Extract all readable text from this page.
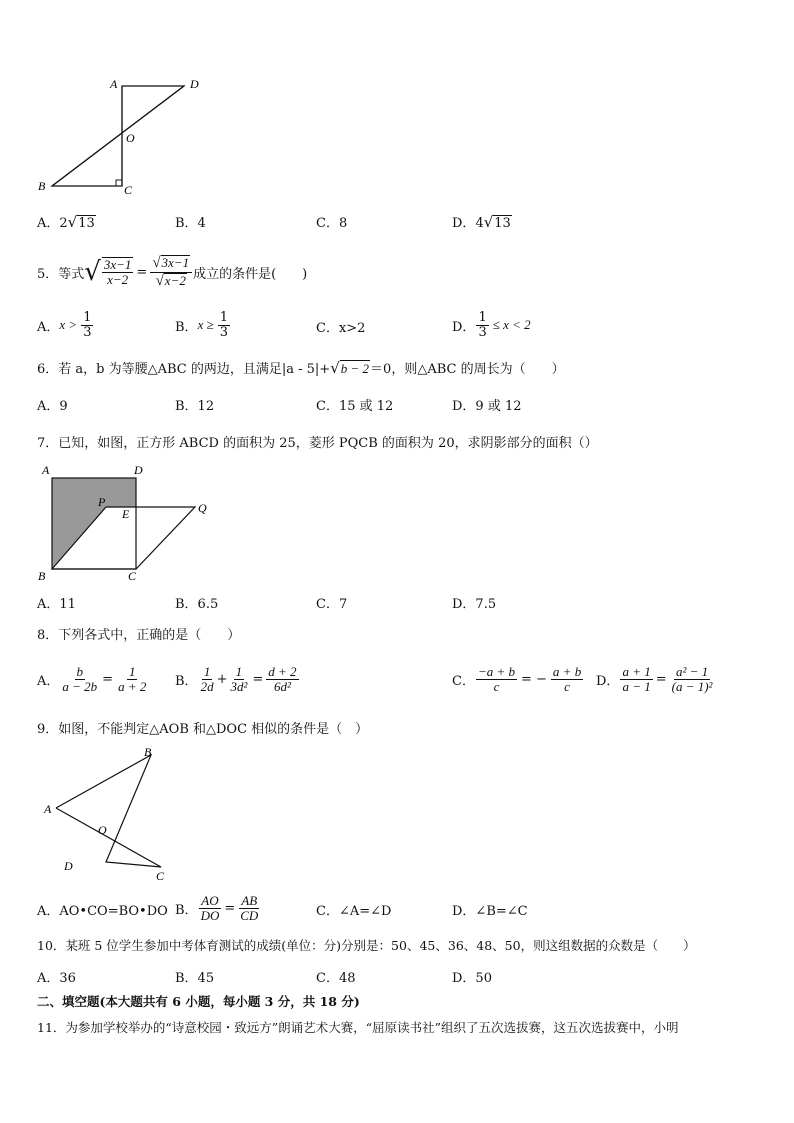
A	D
O
B	C
A．2√13	B．4	C．8	D．4√13
5．等式 √ $\frac{3x-1}{x-2} = \frac{√3x-1}{√x-2}$ 成立的条件是(　　)
A． $x > \frac{1}{3}$	B． $x \ge \frac{1}{3}$	C．x>2	D． $\frac{1}{3} \le x < 2$
6．若 a，b 为等腰△ABC 的两边，且满足|a - 5|+√b − 2＝0，则△ABC 的周长为（　　）
A．9	B．12	C．15 或 12	D．9 或 12
7．已知，如图，正方形 ABCD 的面积为 25，菱形 PQCB 的面积为 20，求阴影部分的面积（）
A	D
P
E	Q
B	C
A．11	B．6.5	C．7	D．7.5
8．下列各式中，正确的是（　　）
A． $\frac{b}{a - 2b} = \frac{1}{a + 2}$ B． $\frac{1}{2d} + \frac{1}{\text{3d²}} = \frac{d + 2}{\text{6d²}}$	C． $\frac{-a + b}{c}$ = − $\frac{a + b}{c}$ D． $\frac{a + 1}{a - 1} = \frac{\text{a² − 1}}{\text{(a − 1)²}}$
9．如图，不能判定△AOB 和△DOC 相似的条件是（　）
B
A
O
D
C
A．AO•CO=BO•DO B． $\frac{AO}{DO} = \frac{AB}{CD}$	C．∠A=∠D	D．∠B=∠C
10．某班 5 位学生参加中考体育测试的成绩(单位：分)分别是：50、45、36、48、50，则这组数据的众数是（　　）
A．36	B．45	C．48	D．50
二、填空题(本大题共有 6 小题，每小题 3 分，共 18 分)
11．为参加学校举办的“诗意校园・致远方”朗诵艺术大赛，“屈原读书社”组织了五次选拔赛，这五次选拔赛中，小明
